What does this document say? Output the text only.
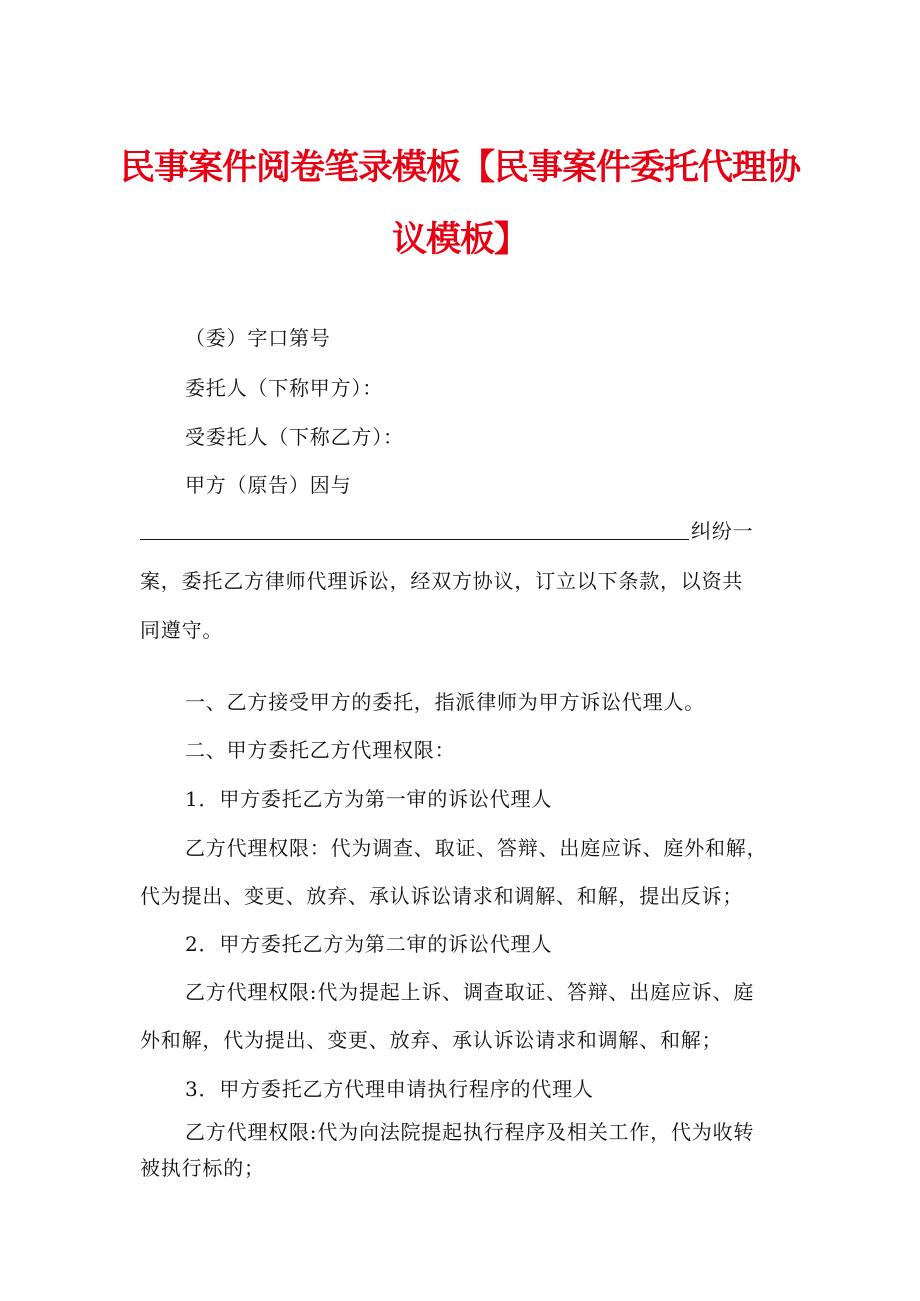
民事案件阅卷笔录模板【民事案件委托代理协
议模板】
（委）字口第号
委托人（下称甲方）：
受委托人（下称乙方）：
甲方（原告）因与
纠纷一
案，委托乙方律师代理诉讼，经双方协议，订立以下条款，以资共
同遵守。
一、乙方接受甲方的委托，指派律师为甲方诉讼代理人。
二、甲方委托乙方代理权限：
1．甲方委托乙方为第一审的诉讼代理人
乙方代理权限：代为调查、取证、答辩、出庭应诉、庭外和解，
代为提出、变更、放弃、承认诉讼请求和调解、和解，提出反诉；
2．甲方委托乙方为第二审的诉讼代理人
乙方代理权限:代为提起上诉、调查取证、答辩、出庭应诉、庭
外和解，代为提出、变更、放弃、承认诉讼请求和调解、和解；
3．甲方委托乙方代理申请执行程序的代理人
乙方代理权限:代为向法院提起执行程序及相关工作，代为收转
被执行标的；
